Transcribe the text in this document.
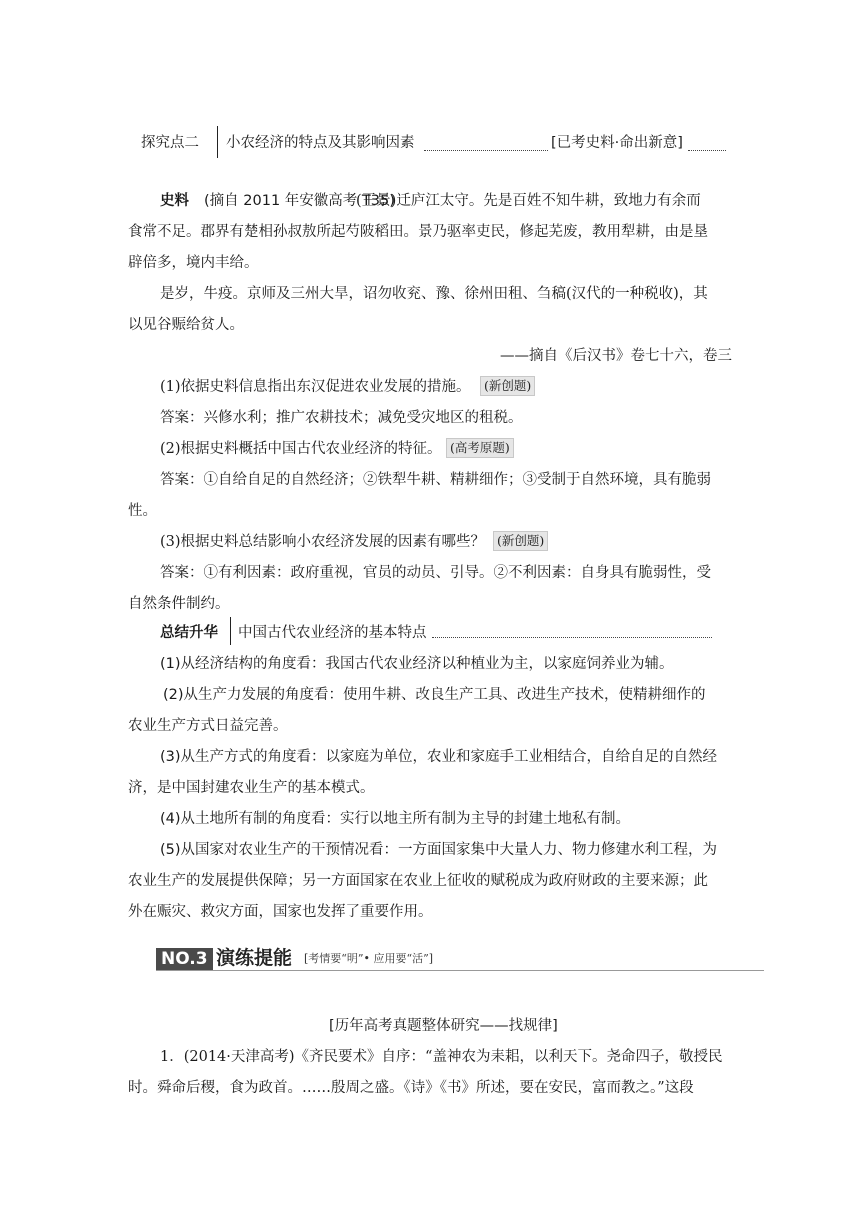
探究点二 小农经济的特点及其影响因素	[已考史料·命出新意]
史料 (摘自 2011 年安徽高考 T35)
(王景)迁庐江太守。先是百姓不知牛耕，致地力有余而
食常不足。郡界有楚相孙叔敖所起芍陂稻田。景乃驱率吏民，修起芜废，教用犁耕，由是垦
辟倍多，境内丰给。
是岁，牛疫。京师及三州大旱，诏勿收兖、豫、徐州田租、刍稿(汉代的一种税收)，其
以见谷赈给贫人。
——摘自《后汉书》卷七十六，卷三
(1)依据史料信息指出东汉促进农业发展的措施。	(新创题)
答案：兴修水利；推广农耕技术；减免受灾地区的租税。
(2)根据史料概括中国古代农业经济的特征。 (高考原题)
答案：①自给自足的自然经济；②铁犁牛耕、精耕细作；③受制于自然环境，具有脆弱
性。
(3)根据史料总结影响小农经济发展的因素有哪些？ (新创题)
答案：①有利因素：政府重视，官员的动员、引导。②不利因素：自身具有脆弱性，受
自然条件制约。
总结升华 中国古代农业经济的基本特点
(1)从经济结构的角度看：我国古代农业经济以种植业为主，以家庭饲养业为辅。
(2)从生产力发展的角度看：使用牛耕、改良生产工具、改进生产技术，使精耕细作的
农业生产方式日益完善。
(3)从生产方式的角度看：以家庭为单位，农业和家庭手工业相结合，自给自足的自然经
济，是中国封建农业生产的基本模式。
(4)从土地所有制的角度看：实行以地主所有制为主导的封建土地私有制。
(5)从国家对农业生产的干预情况看：一方面国家集中大量人力、物力修建水利工程，为
农业生产的发展提供保障；另一方面国家在农业上征收的赋税成为政府财政的主要来源；此
外在赈灾、救灾方面，国家也发挥了重要作用。
NO.3 演练提能 [考情要“明”• 应用要“活”]
[历年高考真题整体研究——找规律]
1．(2014·天津高考)《齐民要术》自序：“盖神农为耒耜，以利天下。尧命四子，敬授民
时。舜命后稷，食为政首。……殷周之盛。《诗》《书》所述，要在安民，富而教之。”这段
